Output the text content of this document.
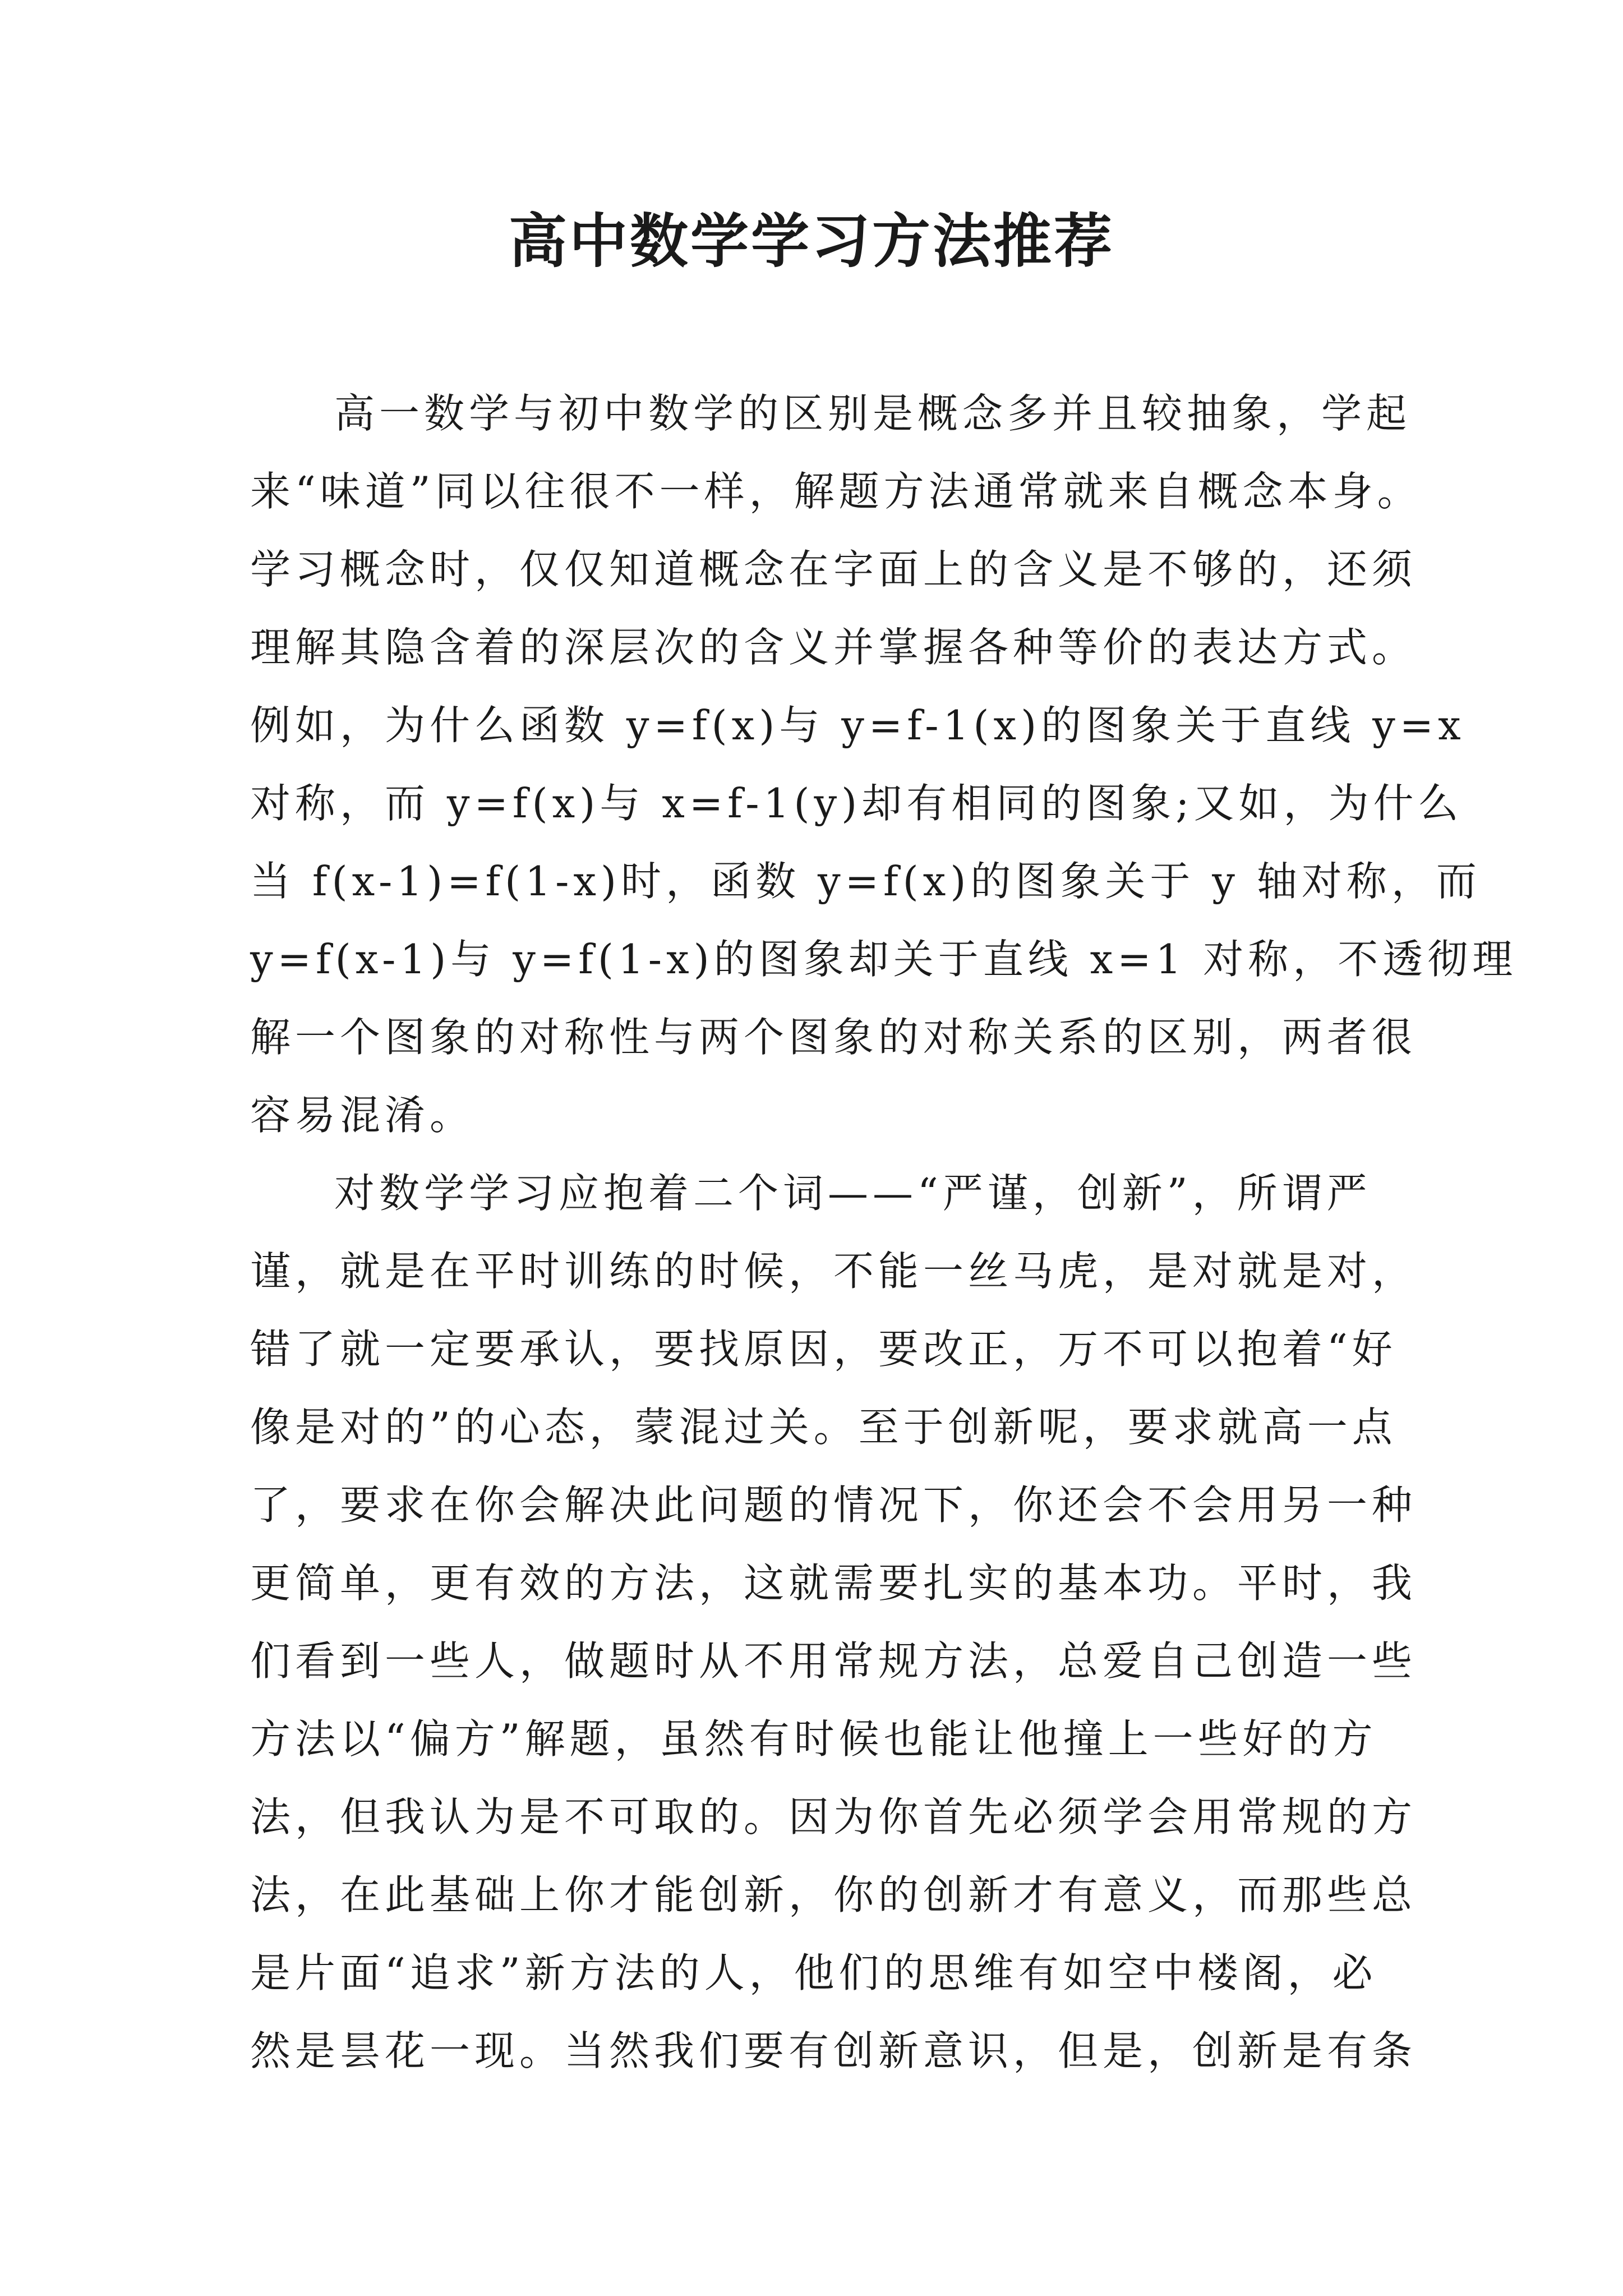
高中数学学习方法推荐
高一数学与初中数学的区别是概念多并且较抽象，学起
来“味道”同以往很不一样，解题方法通常就来自概念本身。
学习概念时，仅仅知道概念在字面上的含义是不够的，还须
理解其隐含着的深层次的含义并掌握各种等价的表达方式。
例如，为什么函数 y=f(x)与 y=f-1(x)的图象关于直线 y=x
对称，而 y=f(x)与 x=f-1(y)却有相同的图象;又如，为什么
当 f(x-1)=f(1-x)时，函数 y=f(x)的图象关于 y 轴对称，而
y=f(x-1)与 y=f(1-x)的图象却关于直线 x=1 对称，不透彻理
解一个图象的对称性与两个图象的对称关系的区别，两者很
容易混淆。
对数学学习应抱着二个词——“严谨，创新”，所谓严
谨，就是在平时训练的时候，不能一丝马虎，是对就是对，
错了就一定要承认，要找原因，要改正，万不可以抱着“好
像是对的”的心态，蒙混过关。至于创新呢，要求就高一点
了，要求在你会解决此问题的情况下，你还会不会用另一种
更简单，更有效的方法，这就需要扎实的基本功。平时，我
们看到一些人，做题时从不用常规方法，总爱自己创造一些
方法以“偏方”解题，虽然有时候也能让他撞上一些好的方
法，但我认为是不可取的。因为你首先必须学会用常规的方
法，在此基础上你才能创新，你的创新才有意义，而那些总
是片面“追求”新方法的人，他们的思维有如空中楼阁，必
然是昙花一现。当然我们要有创新意识，但是，创新是有条
